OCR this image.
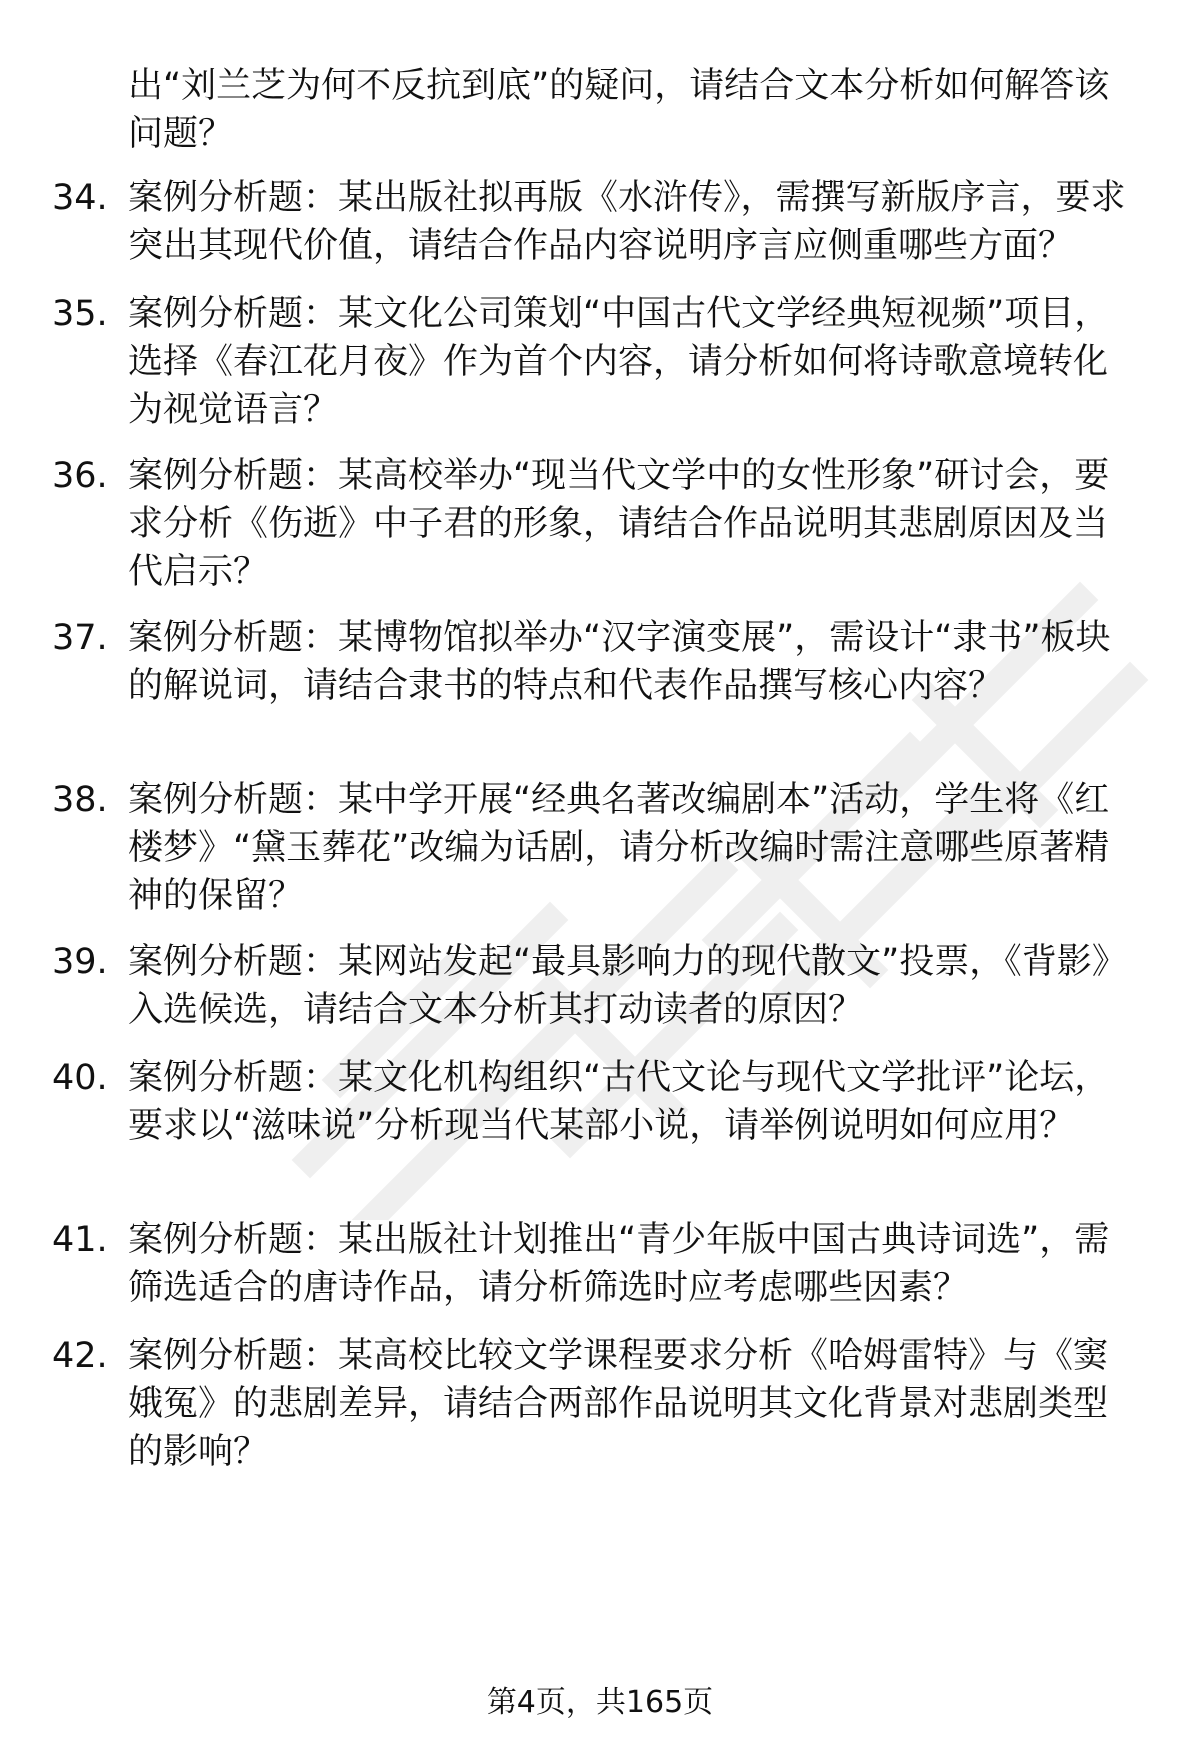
出“刘兰芝为何不反抗到底”的疑问，请结合文本分析如何解答该问题？

34. 案例分析题：某出版社拟再版《水浒传》，需撰写新版序言，要求突出其现代价值，请结合作品内容说明序言应侧重哪些方面？

35. 案例分析题：某文化公司策划“中国古代文学经典短视频”项目，选择《春江花月夜》作为首个内容，请分析如何将诗歌意境转化为视觉语言？

36. 案例分析题：某高校举办“现当代文学中的女性形象”研讨会，要求分析《伤逝》中子君的形象，请结合作品说明其悲剧原因及当代启示？

37. 案例分析题：某博物馆拟举办“汉字演变展”，需设计“隶书”板块的解说词，请结合隶书的特点和代表作品撰写核心内容？

38. 案例分析题：某中学开展“经典名著改编剧本”活动，学生将《红楼梦》“黛玉葬花”改编为话剧，请分析改编时需注意哪些原著精神的保留？

39. 案例分析题：某网站发起“最具影响力的现代散文”投票，《背影》入选候选，请结合文本分析其打动读者的原因？

40. 案例分析题：某文化机构组织“古代文论与现代文学批评”论坛，要求以“滋味说”分析现当代某部小说，请举例说明如何应用？

41. 案例分析题：某出版社计划推出“青少年版中国古典诗词选”，需筛选适合的唐诗作品，请分析筛选时应考虑哪些因素？

42. 案例分析题：某高校比较文学课程要求分析《哈姆雷特》与《窦娥冤》的悲剧差异，请结合两部作品说明其文化背景对悲剧类型的影响？

第4页，共165页
